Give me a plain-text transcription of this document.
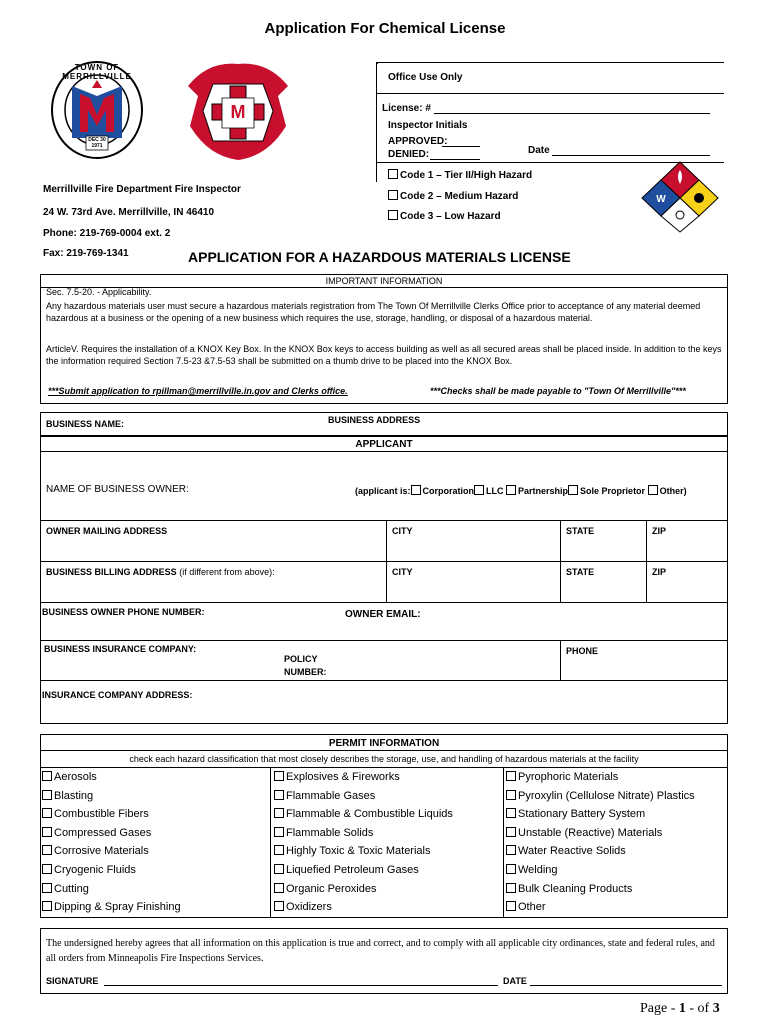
Application For Chemical License
TOWN OF MERRILLVILLE
DEC 30 1971
M
Office Use Only
License: #
Inspector Initials
APPROVED:
DENIED:	Date
Code 1 – Tier II/High Hazard
Code 2 – Medium Hazard
Code 3 – Low Hazard
W
Merrillville Fire Department Fire Inspector
24 W. 73rd Ave. Merrillville, IN 46410
Phone: 219-769-0004 ext. 2
Fax: 219-769-1341	APPLICATION FOR A HAZARDOUS MATERIALS LICENSE
IMPORTANT INFORMATION
Sec. 7.5-20. - Applicability.
Any hazardous materials user must secure a hazardous materials registration from The Town Of Merrillville Clerks Office prior to acceptance of any material deemed hazardous at a business or the opening of a new business which requires the use, storage, handling, or disposal of a hazardous material.
ArticleV. Requires the installation of a KNOX Key Box. In the KNOX Box keys to access building as well as all secured areas shall be placed inside. In addition to the keys the information required Section 7.5-23 &7.5-53 shall be submitted on a thumb drive to be placed into the KNOX Box.
***Submit application to rpillman@merrillville.in.gov and Clerks office.	***Checks shall be made payable to "Town Of Merrillville"***
BUSINESS NAME:	BUSINESS ADDRESS
APPLICANT
NAME OF BUSINESS OWNER:	(applicant is: Corporation LLC Partnership Sole Proprietor Other)
OWNER MAILING ADDRESS	CITY	STATE	ZIP
BUSINESS BILLING ADDRESS (if different from above):	CITY	STATE	ZIP
BUSINESS OWNER PHONE NUMBER:	OWNER EMAIL:
BUSINESS INSURANCE COMPANY:
POLICY
NUMBER:
PHONE
INSURANCE COMPANY ADDRESS:
PERMIT INFORMATION
check each hazard classification that most closely describes the storage, use, and handling of hazardous materials at the facility
Aerosols
Blasting
Combustible Fibers
Compressed Gases
Corrosive Materials
Cryogenic Fluids
Cutting
Dipping & Spray Finishing
Explosives & Fireworks
Flammable Gases
Flammable & Combustible Liquids
Flammable Solids
Highly Toxic & Toxic Materials
Liquefied Petroleum Gases
Organic Peroxides
Oxidizers
Pyrophoric Materials
Pyroxylin (Cellulose Nitrate) Plastics
Stationary Battery System
Unstable (Reactive) Materials
Water Reactive Solids
Welding
Bulk Cleaning Products
Other
The undersigned hereby agrees that all information on this application is true and correct, and to comply with all applicable city ordinances, state and federal rules, and all orders from Minneapolis Fire Inspections Services.
SIGNATURE	DATE
Page - 1 - of 3
